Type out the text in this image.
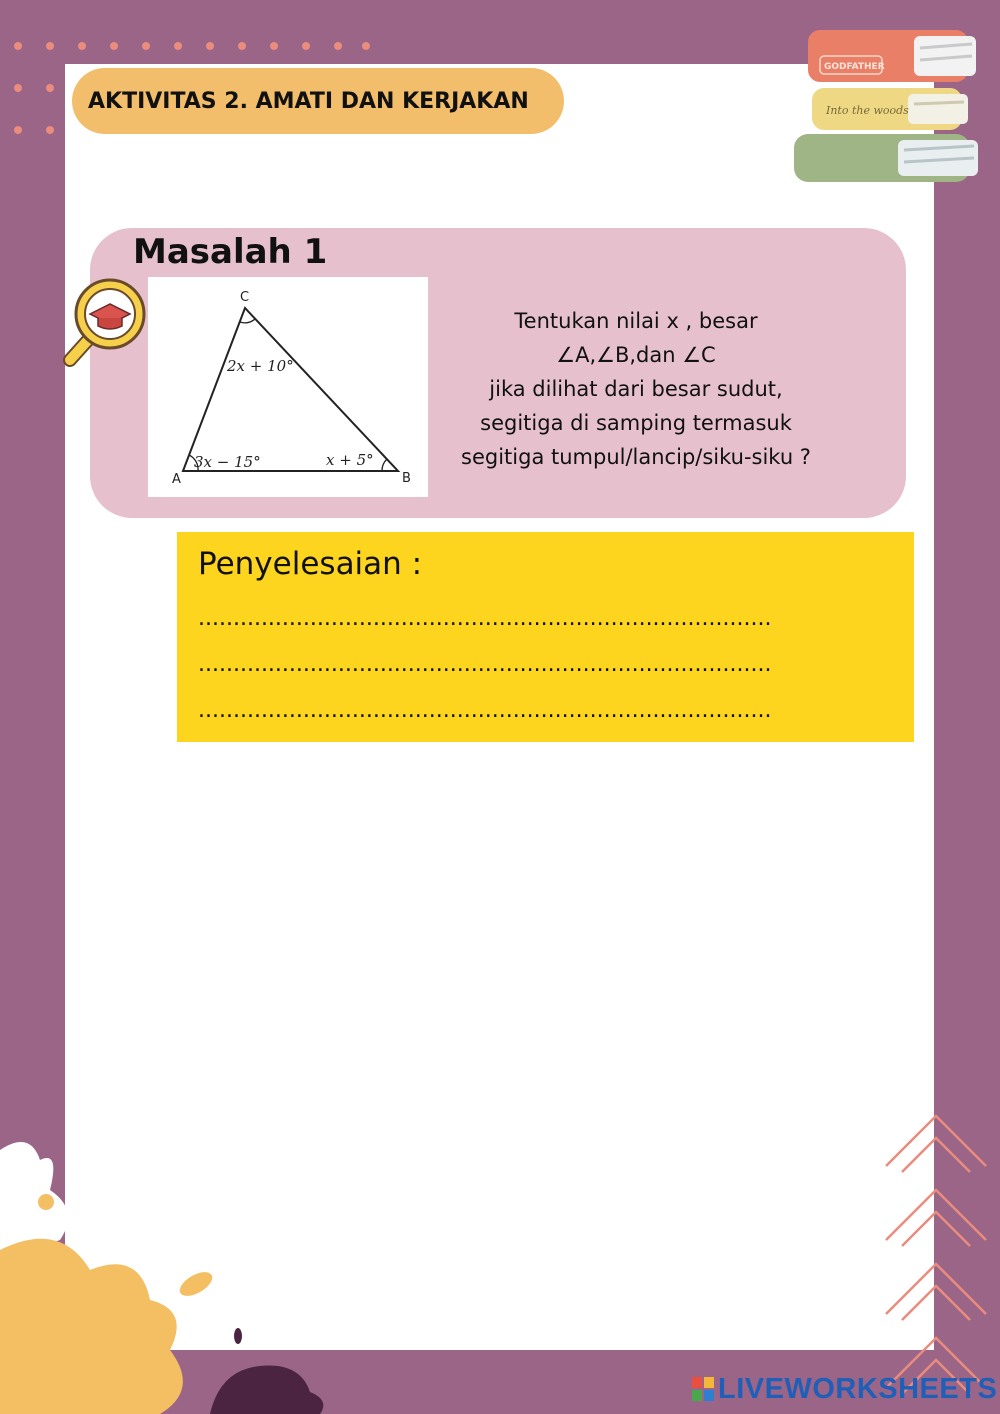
AKTIVITAS 2. AMATI DAN KERJAKAN	Into the woods
GODFATHER
Masalah 1
C
A	B
2x + 10°
3x − 15°	x + 5°
Tentukan nilai x , besar
∠A,∠B,dan ∠C
jika dilihat dari besar sudut,
segitiga di samping termasuk
segitiga tumpul/lancip/siku-siku ?
Penyelesaian :
..................................................................................
..................................................................................
..................................................................................
LIVEWORKSHEETS
